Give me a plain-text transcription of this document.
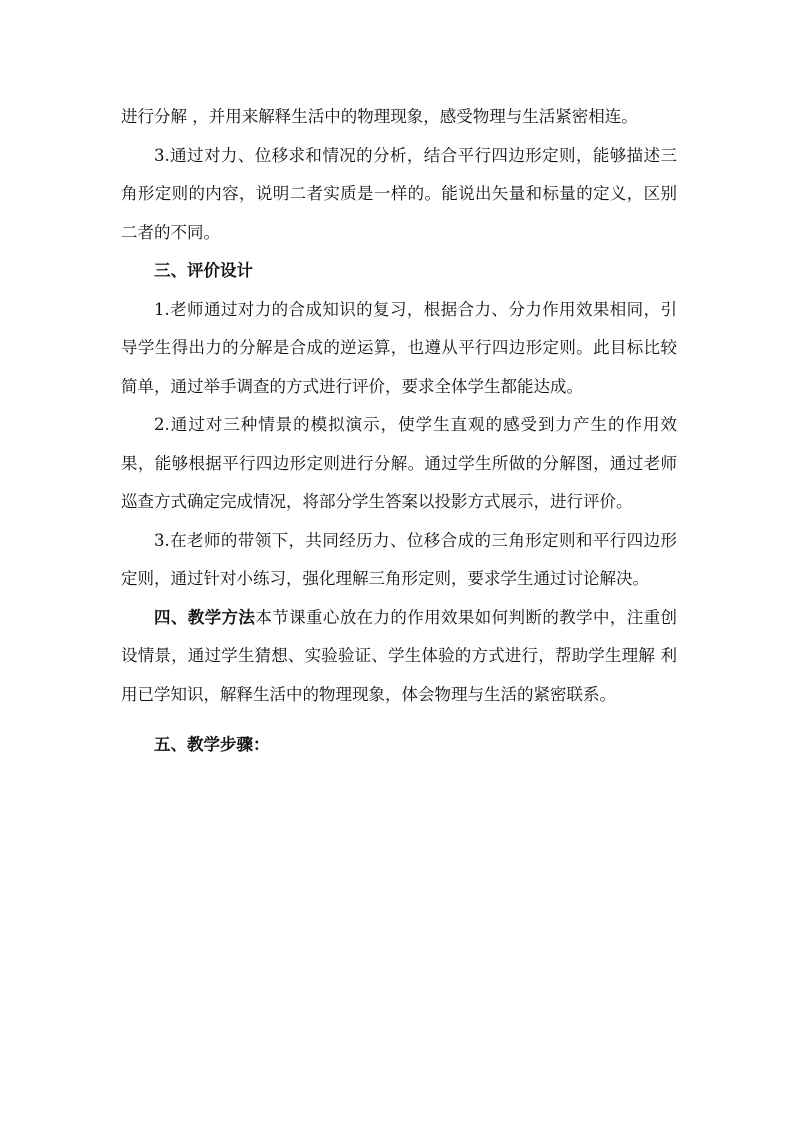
进行分解 ，并用来解释生活中的物理现象，感受物理与生活紧密相连。

3.通过对力、位移求和情况的分析，结合平行四边形定则，能够描述三角形定则的内容，说明二者实质是一样的。能说出矢量和标量的定义，区别二者的不同。

三、评价设计

1.老师通过对力的合成知识的复习，根据合力、分力作用效果相同，引导学生得出力的分解是合成的逆运算，也遵从平行四边形定则。此目标比较简单，通过举手调查的方式进行评价，要求全体学生都能达成。

2.通过对三种情景的模拟演示，使学生直观的感受到力产生的作用效果，能够根据平行四边形定则进行分解。通过学生所做的分解图，通过老师巡查方式确定完成情况，将部分学生答案以投影方式展示，进行评价。

3.在老师的带领下，共同经历力、位移合成的三角形定则和平行四边形定则，通过针对小练习，强化理解三角形定则，要求学生通过讨论解决。

四、教学方法本节课重心放在力的作用效果如何判断的教学中，注重创设情景，通过学生猜想、实验验证、学生体验的方式进行，帮助学生理解 利用已学知识，解释生活中的物理现象，体会物理与生活的紧密联系。

五、教学步骤：
